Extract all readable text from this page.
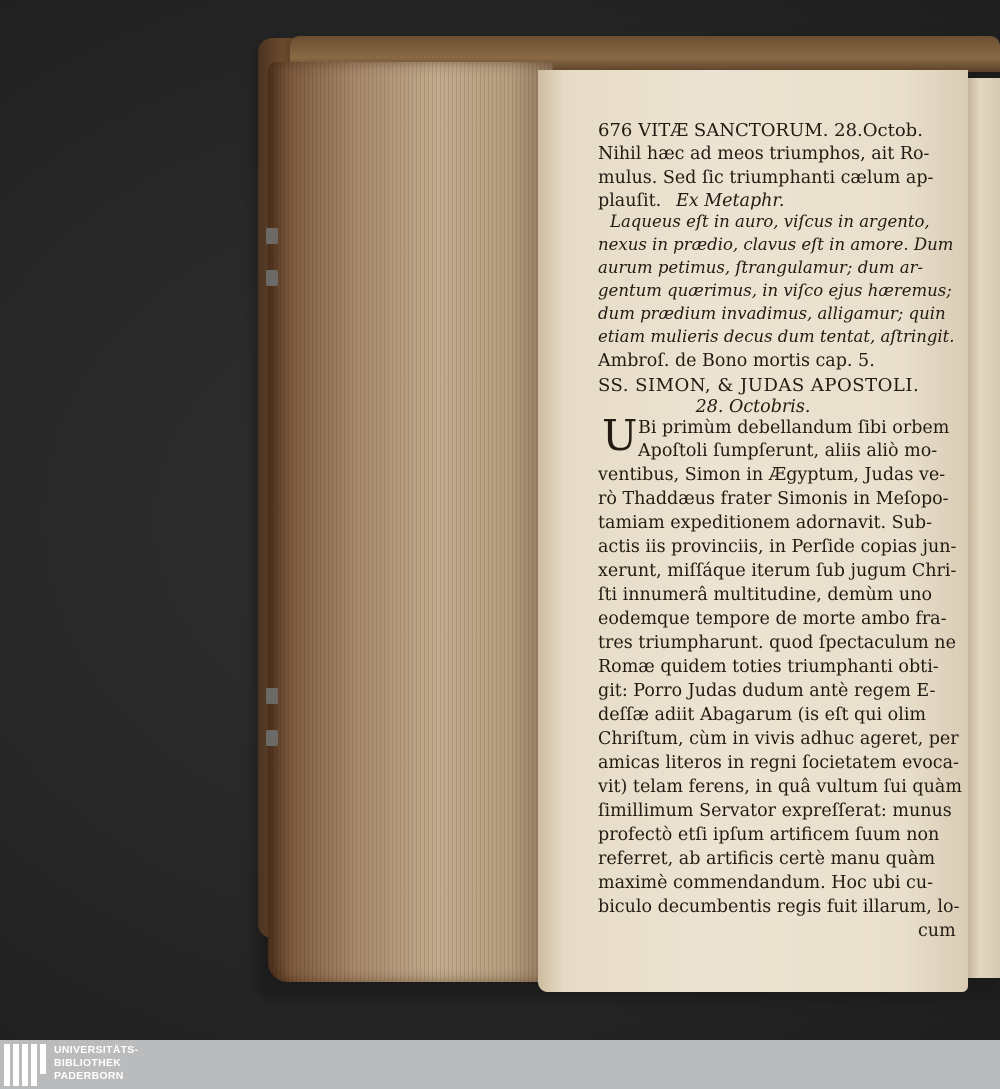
676 VITÆ SANCTORUM. 28.Octob.
Nihil hæc ad meos triumphos, ait Ro-
mulus. Sed ſic triumphanti cælum ap-
plauſit. Ex Metaphr.
Laqueus eſt in auro, viſcus in argento,
nexus in prædio, clavus eſt in amore. Dum
aurum petimus, ſtrangulamur; dum ar-
gentum quærimus, in viſco ejus hæremus;
dum prædium invadimus, alligamur; quin
etiam mulieris decus dum tentat, aſtringit.
Ambroſ. de Bono mortis cap. 5.
SS. SIMON, & JUDAS APOSTOLI.
28. Octobris.
U Bi primùm debellandum ſibi orbem
Apoſtoli ſumpſerunt, aliis aliò mo-
ventibus, Simon in Ægyptum, Judas ve-
rò Thaddæus frater Simonis in Meſopo-
tamiam expeditionem adornavit. Sub-
actis iis provinciis, in Perſide copias jun-
xerunt, miſſáque iterum ſub jugum Chri-
ſti innumerâ multitudine, demùm uno
eodemque tempore de morte ambo fra-
tres triumpharunt. quod ſpectaculum ne
Romæ quidem toties triumphanti obti-
git: Porro Judas dudum antè regem E-
deſſæ adiit Abagarum (is eſt qui olim
Chriſtum, cùm in vivis adhuc ageret, per
amicas literos in regni ſocietatem evoca-
vit) telam ferens, in quâ vultum ſui quàm
ſimillimum Servator expreſſerat: munus
profectò etſi ipſum artificem ſuum non
referret, ab artificis certè manu quàm
maximè commendandum. Hoc ubi cu-
biculo decumbentis regis fuit illarum, lo-
cum
UNIVERSITÄTS-
BIBLIOTHEK
PADERBORN
